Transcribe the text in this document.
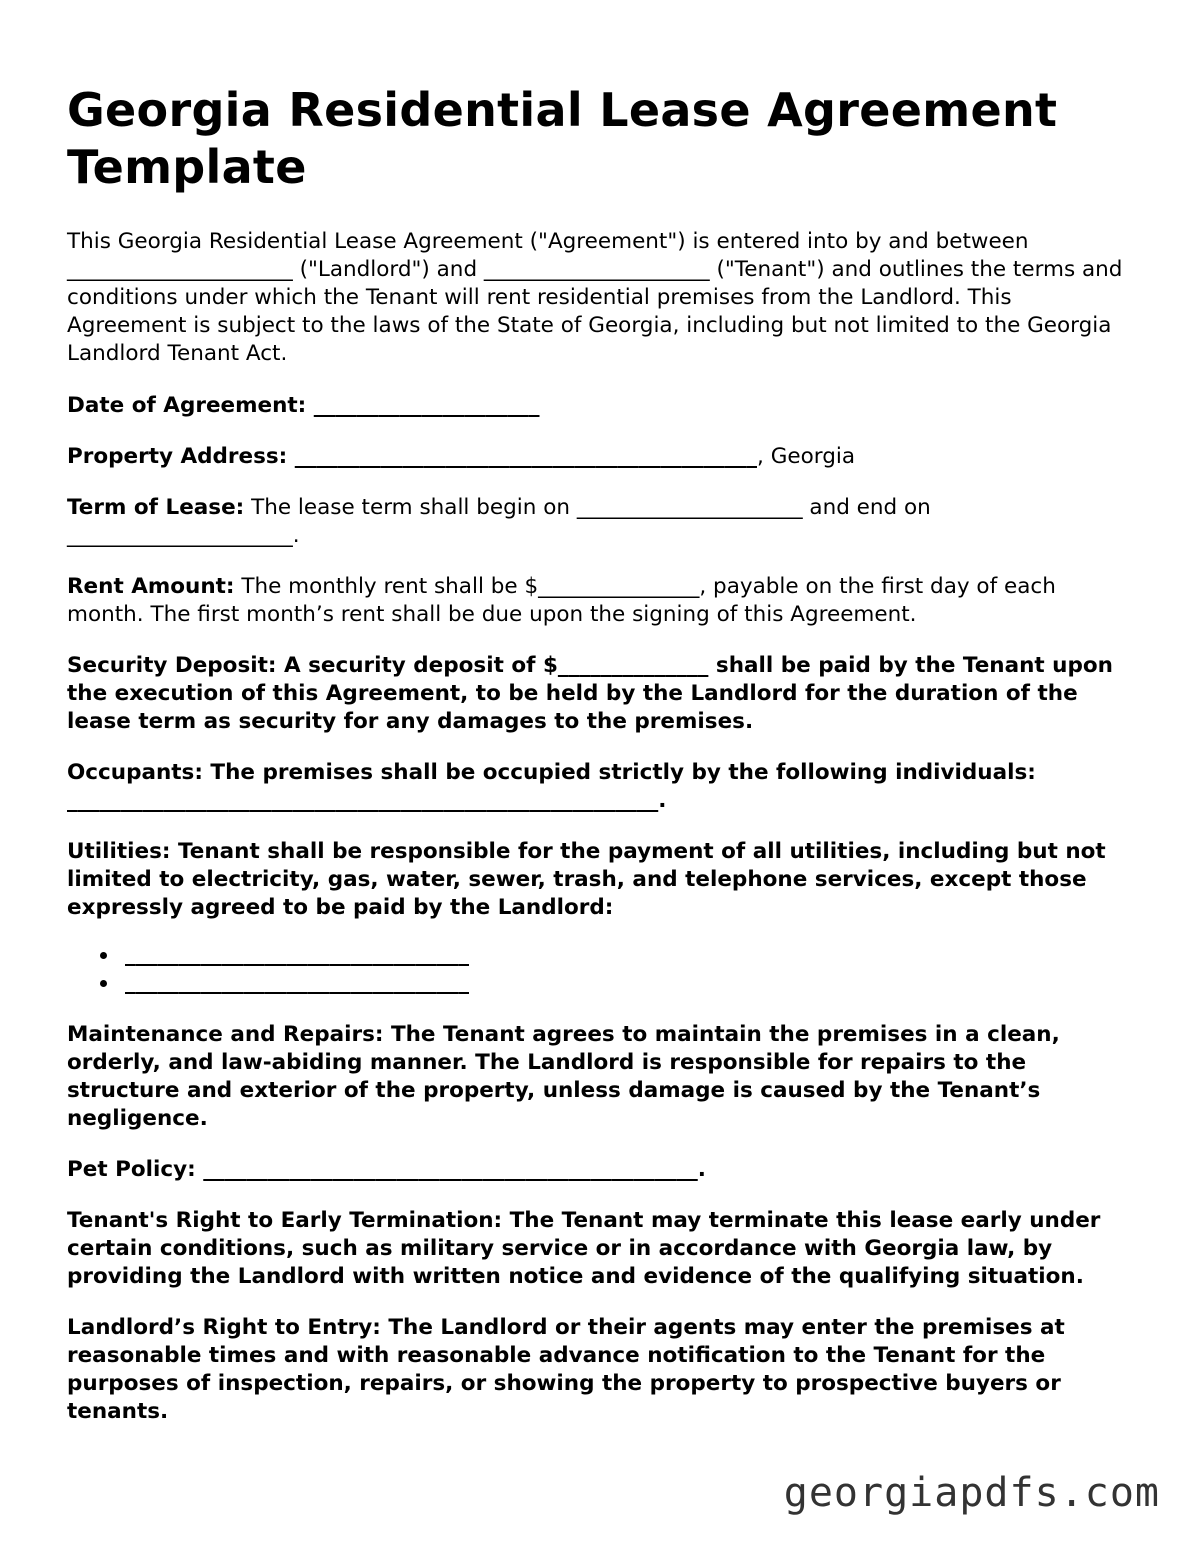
Georgia Residential Lease Agreement Template

This Georgia Residential Lease Agreement ("Agreement") is entered into by and between
_____________________ ("Landlord") and _____________________ ("Tenant") and outlines the terms and conditions under which the Tenant will rent residential premises from the Landlord. This Agreement is subject to the laws of the State of Georgia, including but not limited to the Georgia Landlord Tenant Act.

Date of Agreement: _____________________

Property Address: ___________________________________________, Georgia

Term of Lease: The lease term shall begin on _____________________ and end on
_____________________.

Rent Amount: The monthly rent shall be $_______________, payable on the first day of each month. The first month’s rent shall be due upon the signing of this Agreement.

Security Deposit: A security deposit of $______________ shall be paid by the Tenant upon the execution of this Agreement, to be held by the Landlord for the duration of the lease term as security for any damages to the premises.

Occupants: The premises shall be occupied strictly by the following individuals:
_______________________________________________________.

Utilities: Tenant shall be responsible for the payment of all utilities, including but not limited to electricity, gas, water, sewer, trash, and telephone services, except those expressly agreed to be paid by the Landlord:

________________________________
________________________________

Maintenance and Repairs: The Tenant agrees to maintain the premises in a clean, orderly, and law-abiding manner. The Landlord is responsible for repairs to the structure and exterior of the property, unless damage is caused by the Tenant’s negligence.

Pet Policy: ______________________________________________.

Tenant's Right to Early Termination: The Tenant may terminate this lease early under certain conditions, such as military service or in accordance with Georgia law, by providing the Landlord with written notice and evidence of the qualifying situation.

Landlord’s Right to Entry: The Landlord or their agents may enter the premises at reasonable times and with reasonable advance notification to the Tenant for the purposes of inspection, repairs, or showing the property to prospective buyers or tenants.

georgiapdfs.com
